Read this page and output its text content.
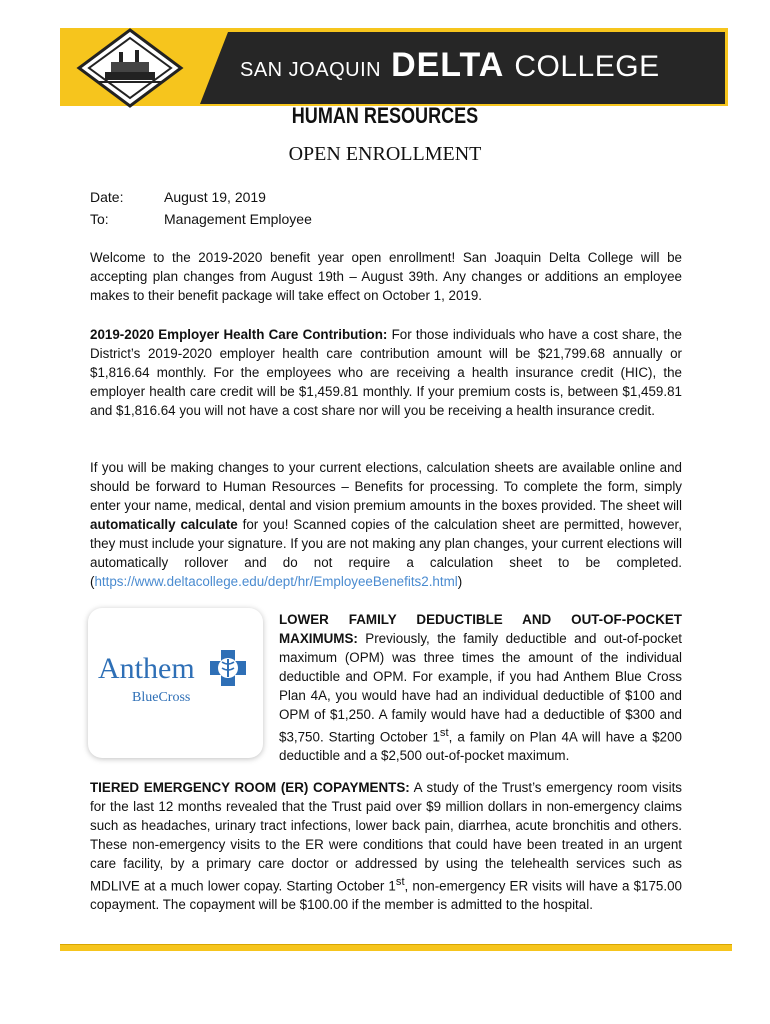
SAN JOAQUIN DELTA COLLEGE
HUMAN RESOURCES
OPEN ENROLLMENT
Date:	August 19, 2019
To:	Management Employee
Welcome to the 2019-2020 benefit year open enrollment! San Joaquin Delta College will be accepting plan changes from August 19th – August 39th. Any changes or additions an employee makes to their benefit package will take effect on October 1, 2019.
2019-2020 Employer Health Care Contribution: For those individuals who have a cost share, the District’s 2019-2020 employer health care contribution amount will be $21,799.68 annually or $1,816.64 monthly. For the employees who are receiving a health insurance credit (HIC), the employer health care credit will be $1,459.81 monthly. If your premium costs is, between $1,459.81 and $1,816.64 you will not have a cost share nor will you be receiving a health insurance credit.
If you will be making changes to your current elections, calculation sheets are available online and should be forward to Human Resources – Benefits for processing. To complete the form, simply enter your name, medical, dental and vision premium amounts in the boxes provided. The sheet will automatically calculate for you! Scanned copies of the calculation sheet are permitted, however, they must include your signature. If you are not making any plan changes, your current elections will automatically rollover and do not require a calculation sheet to be completed. (https://www.deltacollege.edu/dept/hr/EmployeeBenefits2.html)
Anthem
BlueCross
LOWER FAMILY DEDUCTIBLE AND OUT-OF-POCKET MAXIMUMS: Previously, the family deductible and out-of-pocket maximum (OPM) was three times the amount of the individual deductible and OPM. For example, if you had Anthem Blue Cross Plan 4A, you would have had an individual deductible of $100 and OPM of $1,250. A family would have had a deductible of $300 and $3,750. Starting October 1st, a family on Plan 4A will have a $200 deductible and a $2,500 out-of-pocket maximum.
TIERED EMERGENCY ROOM (ER) COPAYMENTS: A study of the Trust’s emergency room visits for the last 12 months revealed that the Trust paid over $9 million dollars in non-emergency claims such as headaches, urinary tract infections, lower back pain, diarrhea, acute bronchitis and others. These non-emergency visits to the ER were conditions that could have been treated in an urgent care facility, by a primary care doctor or addressed by using the telehealth services such as MDLIVE at a much lower copay. Starting October 1st, non-emergency ER visits will have a $175.00 copayment. The copayment will be $100.00 if the member is admitted to the hospital.
